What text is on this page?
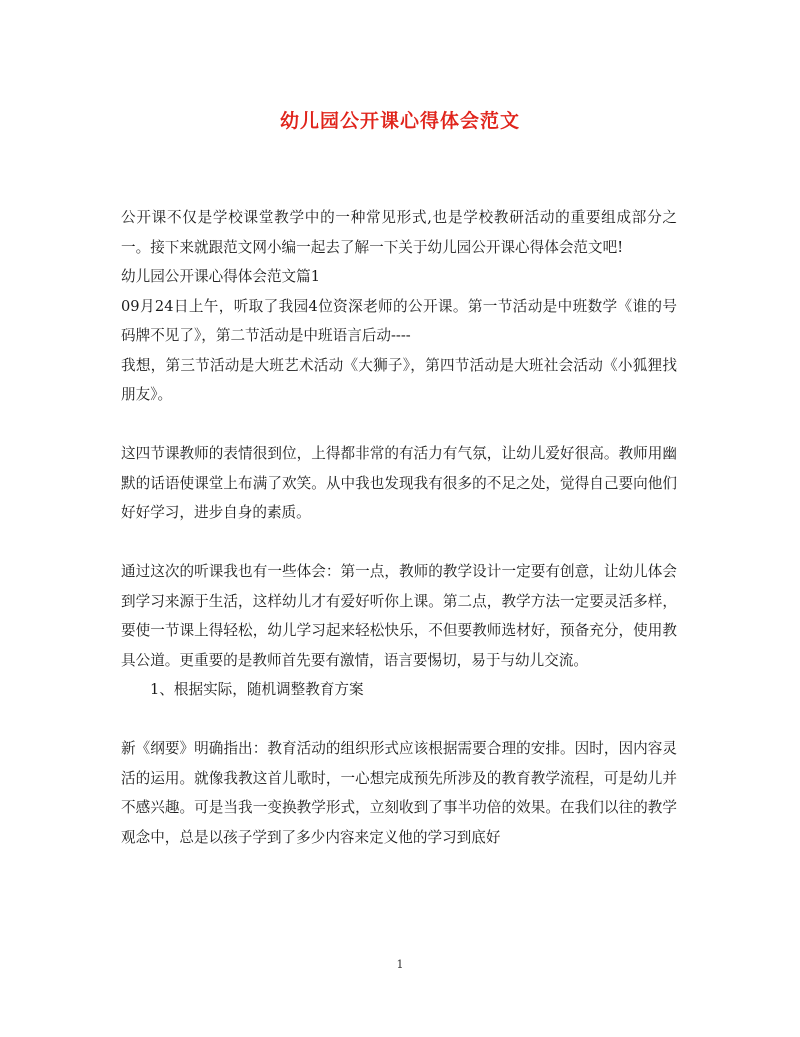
幼儿园公开课心得体会范文

公开课不仅是学校课堂教学中的一种常见形式,也是学校教研活动的重要组成部分之一。接下来就跟范文网小编一起去了解一下关于幼儿园公开课心得体会范文吧!

幼儿园公开课心得体会范文篇1

09月24日上午，听取了我园4位资深老师的公开课。第一节活动是中班数学《谁的号码牌不见了》，第二节活动是中班语言后动----

我想，第三节活动是大班艺术活动《大狮子》，第四节活动是大班社会活动《小狐狸找朋友》。

这四节课教师的表情很到位，上得都非常的有活力有气氛，让幼儿爱好很高。教师用幽默的话语使课堂上布满了欢笑。从中我也发现我有很多的不足之处，觉得自己要向他们好好学习，进步自身的素质。

通过这次的听课我也有一些体会：第一点，教师的教学设计一定要有创意，让幼儿体会到学习来源于生活，这样幼儿才有爱好听你上课。第二点，教学方法一定要灵活多样，要使一节课上得轻松，幼儿学习起来轻松快乐，不但要教师选材好，预备充分，使用教具公道。更重要的是教师首先要有激情，语言要惕切，易于与幼儿交流。

1、根据实际，随机调整教育方案

新《纲要》明确指出：教育活动的组织形式应该根据需要合理的安排。因时，因内容灵活的运用。就像我教这首儿歌时，一心想完成预先所涉及的教育教学流程，可是幼儿并不感兴趣。可是当我一变换教学形式，立刻收到了事半功倍的效果。在我们以往的教学观念中，总是以孩子学到了多少内容来定义他的学习到底好

1
